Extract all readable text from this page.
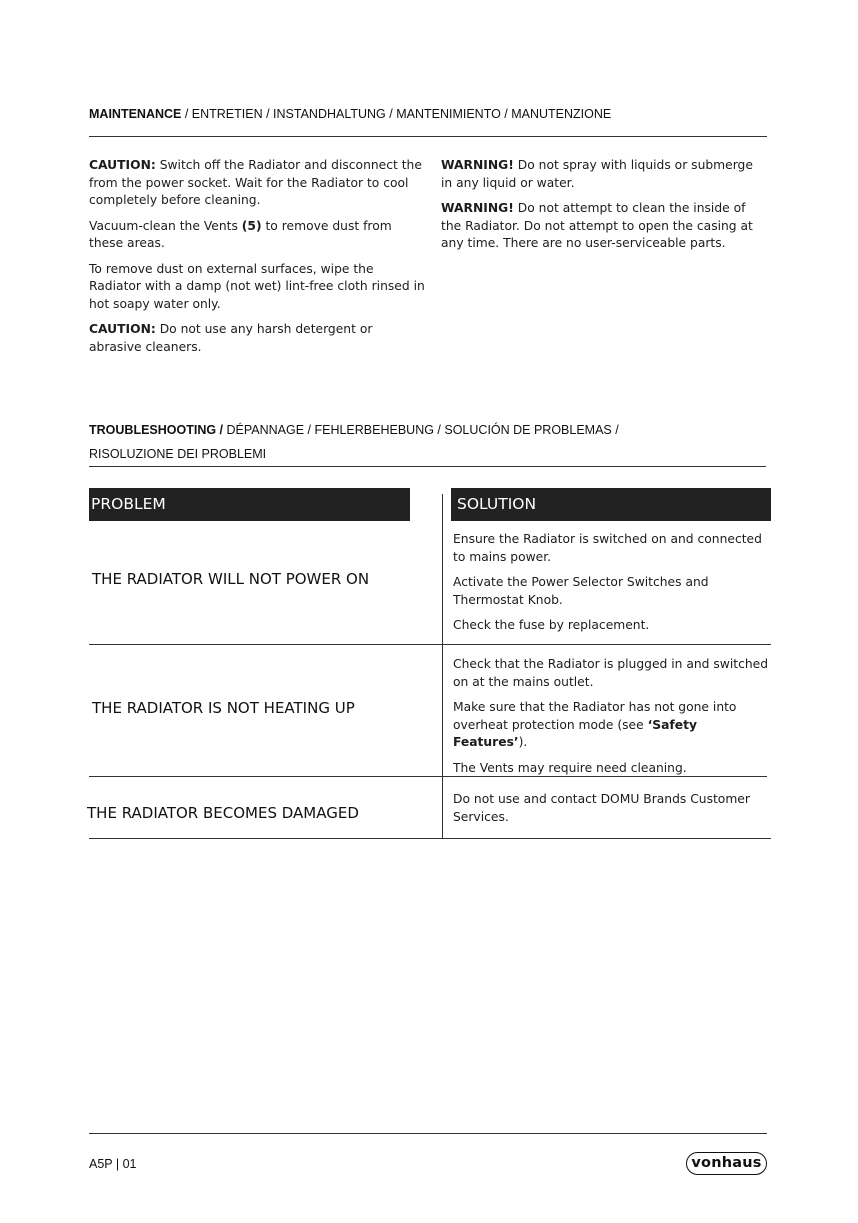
MAINTENANCE / ENTRETIEN / INSTANDHALTUNG / MANTENIMIENTO / MANUTENZIONE

CAUTION: Switch off the Radiator and disconnect the from the power socket. Wait for the Radiator to cool completely before cleaning.

Vacuum-clean the Vents (5) to remove dust from these areas.

To remove dust on external surfaces, wipe the Radiator with a damp (not wet) lint-free cloth rinsed in hot soapy water only.

CAUTION: Do not use any harsh detergent or abrasive cleaners.

WARNING! Do not spray with liquids or submerge in any liquid or water.

WARNING! Do not attempt to clean the inside of the Radiator. Do not attempt to open the casing at any time. There are no user-serviceable parts.

TROUBLESHOOTING / DÉPANNAGE / FEHLERBEHEBUNG / SOLUCIÓN DE PROBLEMAS /
RISOLUZIONE DEI PROBLEMI
PROBLEM	SOLUTION
THE RADIATOR WILL NOT POWER ON

Ensure the Radiator is switched on and connected to mains power.

Activate the Power Selector Switches and Thermostat Knob.

Check the fuse by replacement.

THE RADIATOR IS NOT HEATING UP

Check that the Radiator is plugged in and switched on at the mains outlet.

Make sure that the Radiator has not gone into overheat protection mode (see ‘Safety Features’).

The Vents may require need cleaning.

THE RADIATOR BECOMES DAMAGED

Do not use and contact DOMU Brands Customer Services.

A5P | 01	vonhaus
